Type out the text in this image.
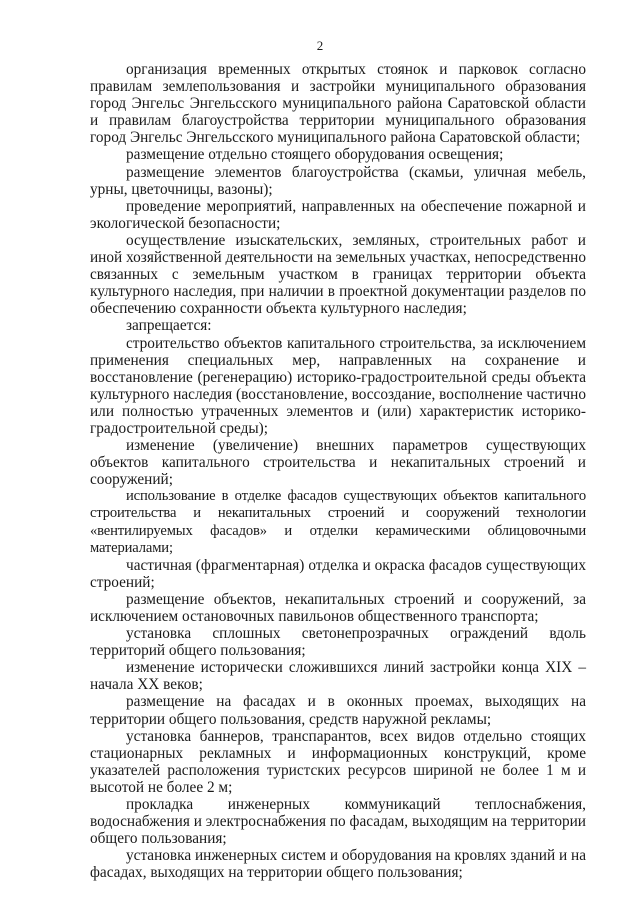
2

организация временных открытых стоянок и парковок согласно правилам землепользования и застройки муниципального образования город Энгельс Энгельсского муниципального района Саратовской области и правилам благоустройства территории муниципального образования город Энгельс Энгельсского муниципального района Саратовской области;

размещение отдельно стоящего оборудования освещения;

размещение элементов благоустройства (скамьи, уличная мебель, урны, цветочницы, вазоны);

проведение мероприятий, направленных на обеспечение пожарной и экологической безопасности;

осуществление изыскательских, земляных, строительных работ и иной хозяйственной деятельности на земельных участках, непосредственно связанных с земельным участком в границах территории объекта культурного наследия, при наличии в проектной документации разделов по обеспечению сохранности объекта культурного наследия;

запрещается:

строительство объектов капитального строительства, за исключением применения специальных мер, направленных на сохранение и восстановление (регенерацию) историко-градостроительной среды объекта культурного наследия (восстановление, воссоздание, восполнение частично или полностью утраченных элементов и (или) характеристик историко-градостроительной среды);

изменение (увеличение) внешних параметров существующих объектов капитального строительства и некапитальных строений и сооружений;

использование в отделке фасадов существующих объектов капитального строительства и некапитальных строений и сооружений технологии «вентилируемых фасадов» и отделки керамическими облицовочными материалами;

частичная (фрагментарная) отделка и окраска фасадов существующих строений;

размещение объектов, некапитальных строений и сооружений, за исключением остановочных павильонов общественного транспорта;

установка сплошных светонепрозрачных ограждений вдоль территорий общего пользования;

изменение исторически сложившихся линий застройки конца XIX – начала XX веков;

размещение на фасадах и в оконных проемах, выходящих на территории общего пользования, средств наружной рекламы;

установка баннеров, транспарантов, всех видов отдельно стоящих стационарных рекламных и информационных конструкций, кроме указателей расположения туристских ресурсов шириной не более 1 м и высотой не более 2 м;

прокладка инженерных коммуникаций теплоснабжения, водоснабжения и электроснабжения по фасадам, выходящим на территории общего пользования;

установка инженерных систем и оборудования на кровлях зданий и на фасадах, выходящих на территории общего пользования;
